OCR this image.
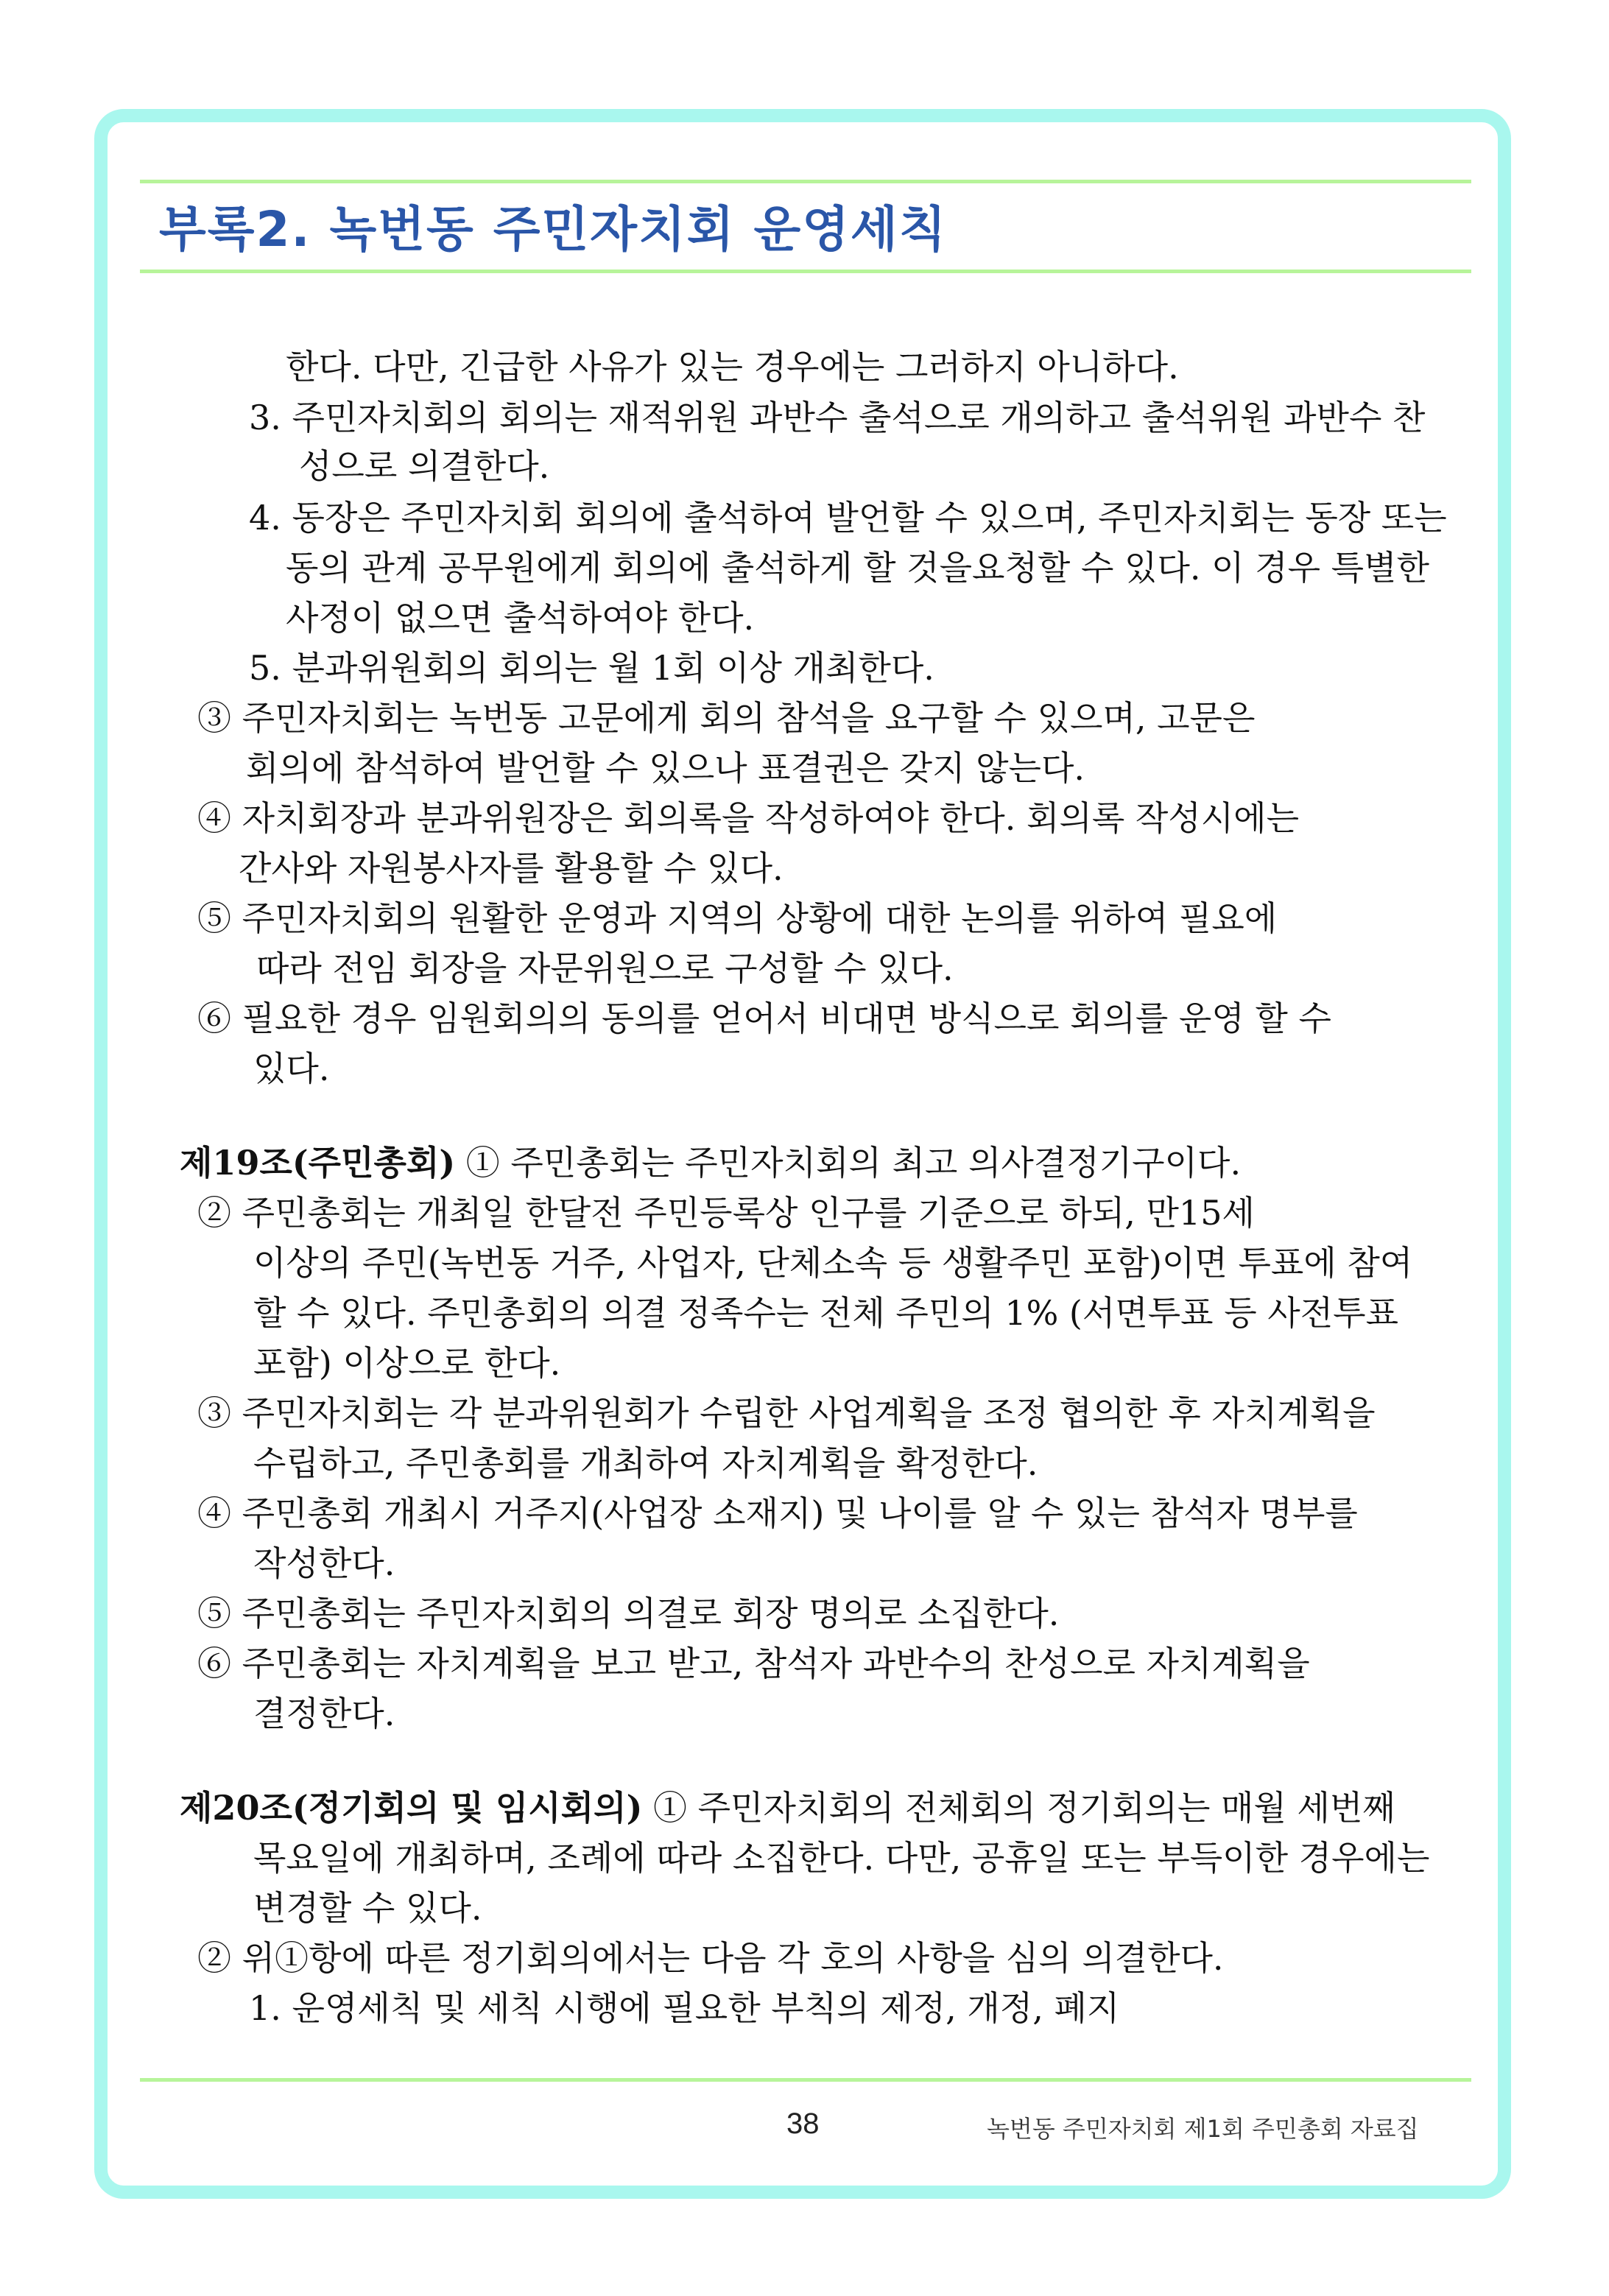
부록2. 녹번동 주민자치회 운영세칙
한다. 다만, 긴급한 사유가 있는 경우에는 그러하지 아니하다.
3. 주민자치회의 회의는 재적위원 과반수 출석으로 개의하고 출석위원 과반수 찬
성으로 의결한다.
4. 동장은 주민자치회 회의에 출석하여 발언할 수 있으며, 주민자치회는 동장 또는
동의 관계 공무원에게 회의에 출석하게 할 것을요청할 수 있다. 이 경우 특별한
사정이 없으면 출석하여야 한다.
5. 분과위원회의 회의는 월 1회 이상 개최한다.
③ 주민자치회는 녹번동 고문에게 회의 참석을 요구할 수 있으며, 고문은
회의에 참석하여 발언할 수 있으나 표결권은 갖지 않는다.
④ 자치회장과 분과위원장은 회의록을 작성하여야 한다. 회의록 작성시에는
간사와 자원봉사자를 활용할 수 있다.
⑤ 주민자치회의 원활한 운영과 지역의 상황에 대한 논의를 위하여 필요에
따라 전임 회장을 자문위원으로 구성할 수 있다.
⑥ 필요한 경우 임원회의의 동의를 얻어서 비대면 방식으로 회의를 운영 할 수
있다.
제19조(주민총회) ① 주민총회는 주민자치회의 최고 의사결정기구이다.
② 주민총회는 개최일 한달전 주민등록상 인구를 기준으로 하되, 만15세
이상의 주민(녹번동 거주, 사업자, 단체소속 등 생활주민 포함)이면 투표에 참여
할 수 있다. 주민총회의 의결 정족수는 전체 주민의 1% (서면투표 등 사전투표
포함) 이상으로 한다.
③ 주민자치회는 각 분과위원회가 수립한 사업계획을 조정 협의한 후 자치계획을
수립하고, 주민총회를 개최하여 자치계획을 확정한다.
④ 주민총회 개최시 거주지(사업장 소재지) 및 나이를 알 수 있는 참석자 명부를
작성한다.
⑤ 주민총회는 주민자치회의 의결로 회장 명의로 소집한다.
⑥ 주민총회는 자치계획을 보고 받고, 참석자 과반수의 찬성으로 자치계획을
결정한다.
제20조(정기회의 및 임시회의) ① 주민자치회의 전체회의 정기회의는 매월 세번째
목요일에 개최하며, 조례에 따라 소집한다. 다만, 공휴일 또는 부득이한 경우에는
변경할 수 있다.
② 위①항에 따른 정기회의에서는 다음 각 호의 사항을 심의 의결한다.
1. 운영세칙 및 세칙 시행에 필요한 부칙의 제정, 개정, 폐지
38	녹번동 주민자치회 제1회 주민총회 자료집
